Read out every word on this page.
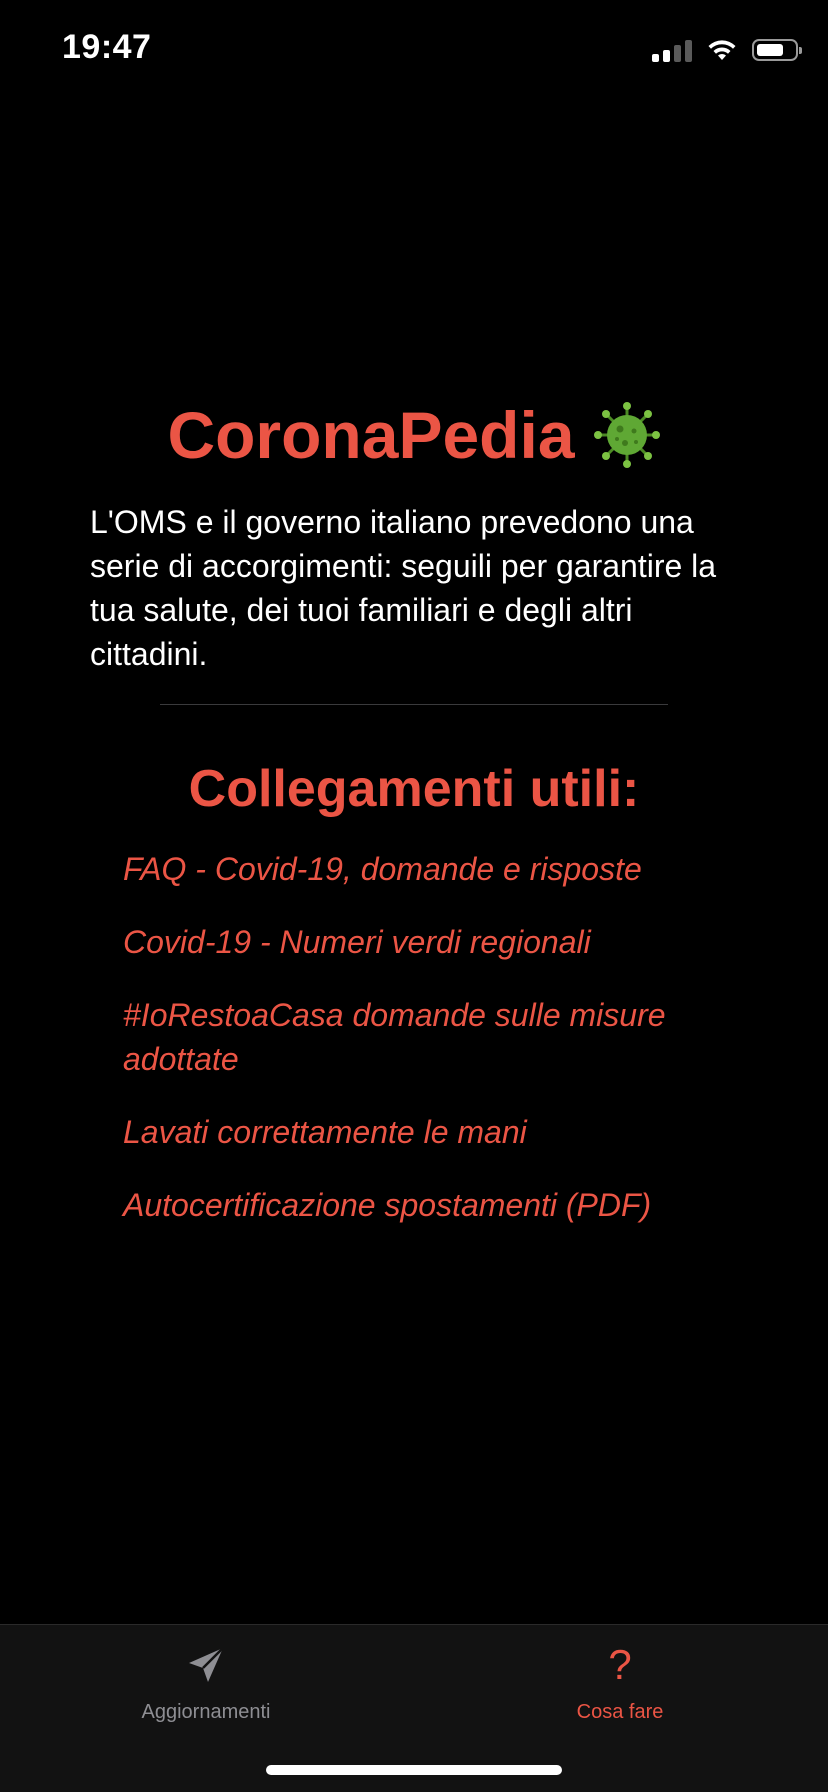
19:47
CoronaPedia

L'OMS e il governo italiano prevedono una serie di accorgimenti: seguili per garantire la tua salute, dei tuoi familiari e degli altri cittadini.

Collegamenti utili:
FAQ - Covid-19, domande e risposte
Covid-19 - Numeri verdi regionali
#IoRestoaCasa domande sulle misure adottate
Lavati correttamente le mani
Autocertificazione spostamenti (PDF)
Aggiornamenti
?
Cosa fare
